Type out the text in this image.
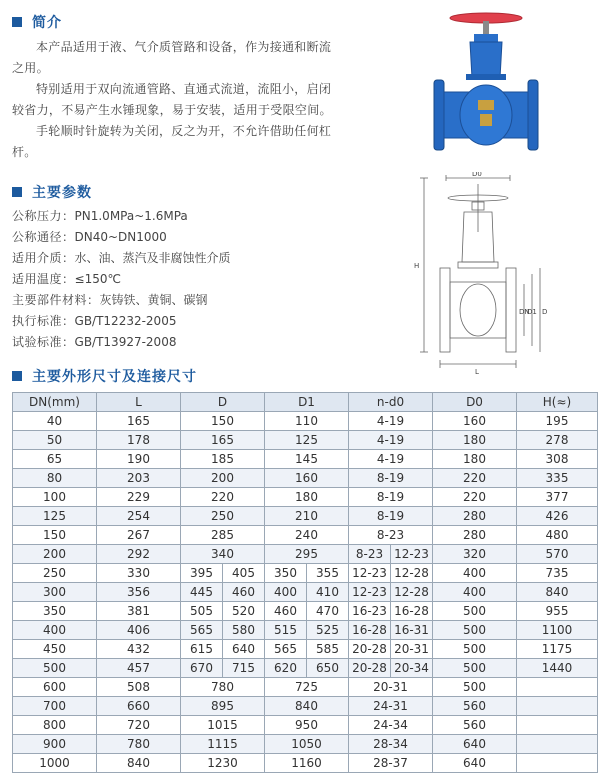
简介

本产品适用于液、气介质管路和设备，作为接通和断流之用。

特别适用于双向流通管路、直通式流道，流阻小，启闭较省力，不易产生水锤现象，易于安装，适用于受限空间。

手轮顺时针旋转为关闭，反之为开，不允许借助任何杠杆。

主要参数
公称压力：PN1.0MPa~1.6MPa
公称通径：DN40~DN1000
适用介质：水、油、蒸汽及非腐蚀性介质
适用温度：≤150℃
主要部件材料：灰铸铁、黄铜、碳钢
执行标准：GB/T12232-2005
试验标准：GB/T13927-2008
D0
H
DN
D1 D
L
主要外形尺寸及连接尺寸
DN(mm)	L	D		D1		n-d0		D0	H(≈)
40	165	150		110		4-19		160	195
50	178	165		125		4-19		180	278
65	190	185		145		4-19		180	308
80	203	200		160		8-19		220	335
100	229	220		180		8-19		220	377
125	254	250		210		8-19		280	426
150	267	285		240		8-23		280	480
200	292	340		295		8-23	12-23	320	570
250	330	395	405	350	355	12-23	12-28	400	735
300	356	445	460	400	410	12-23	12-28	400	840
350	381	505	520	460	470	16-23	16-28	500	955
400	406	565	580	515	525	16-28	16-31	500	1100
450	432	615	640	565	585	20-28	20-31	500	1175
500	457	670	715	620	650	20-28	20-34	500	1440
600	508	780		725		20-31		500	
700	660	895		840		24-31		560	
800	720	1015		950		24-34		560	
900	780	1115		1050		28-34		640	
1000	840	1230		1160		28-37		640	
